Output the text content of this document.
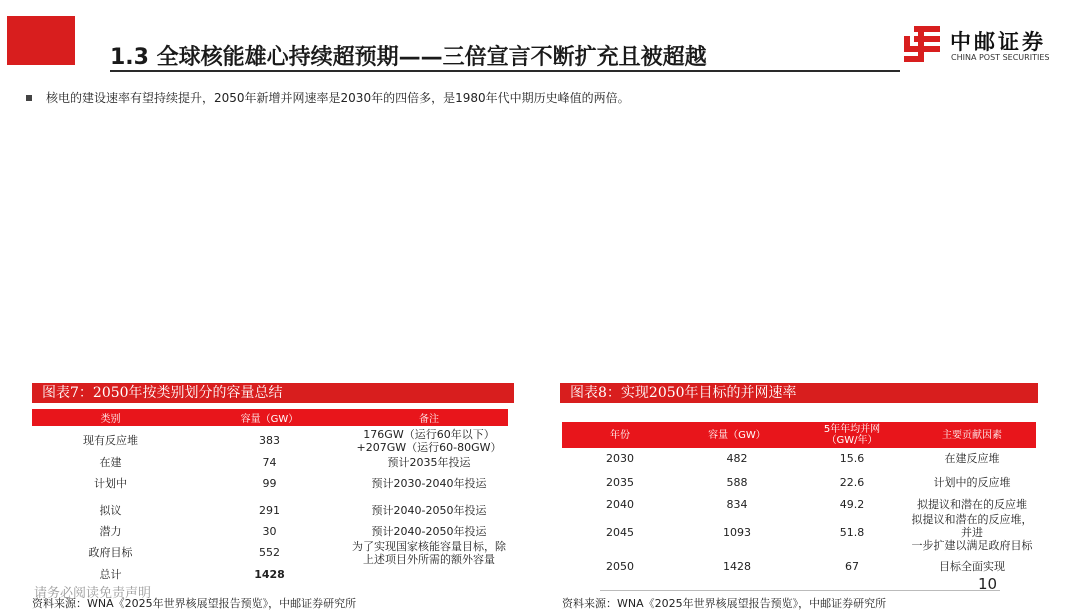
1.3 全球核能雄心持续超预期——三倍宣言不断扩充且被超越
中邮证券
CHINA POST SECURITIES
核电的建设速率有望持续提升，2050年新增并网速率是2030年的四倍多，是1980年代中期历史峰值的两倍。
图表7：2050年按类别划分的容量总结
类别	容量（GW）	备注
现有反应堆	383	176GW（运行60年以下）
+207GW（运行60-80GW）
在建	74	预计2035年投运
计划中	99	预计2030-2040年投运
拟议	291	预计2040-2050年投运
潜力	30	预计2040-2050年投运
政府目标	552	为了实现国家核能容量目标，除
上述项目外所需的额外容量
总计	1428	
图表8：实现2050年目标的并网速率
年份	容量（GW）	5年年均并网
（GW/年）	主要贡献因素
2030	482	15.6	在建反应堆
2035	588	22.6	计划中的反应堆
2040	834	49.2	拟提议和潜在的反应堆
2045	1093	51.8	拟提议和潜在的反应堆，并进
一步扩建以满足政府目标
2050	1428	67	目标全面实现
请务必阅读免责声明
资料来源：WNA《2025年世界核展望报告预览》，中邮证券研究所	资料来源：WNA《2025年世界核展望报告预览》，中邮证券研究所
10
